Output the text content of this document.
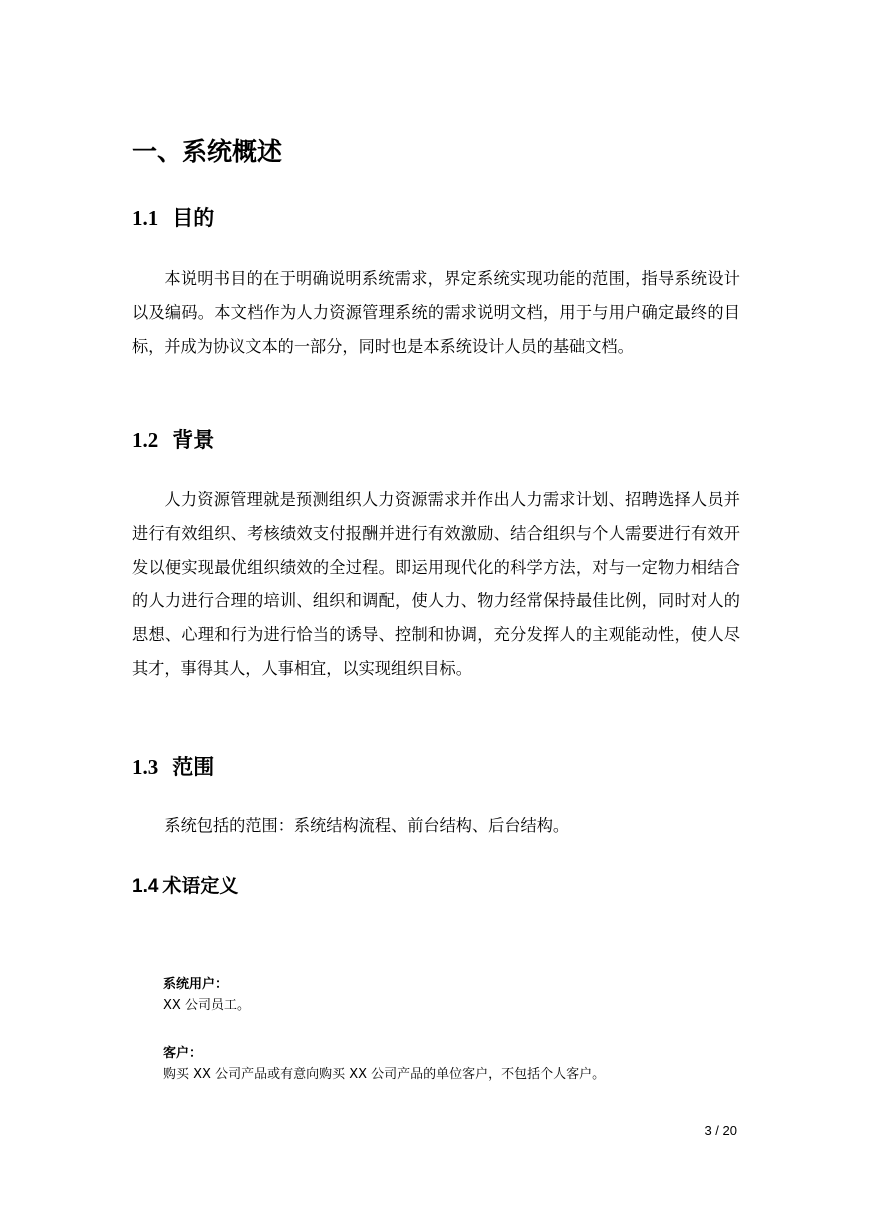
一、系统概述
1.1 目的

本说明书目的在于明确说明系统需求，界定系统实现功能的范围，指导系统设计以及编码。本文档作为人力资源管理系统的需求说明文档，用于与用户确定最终的目标，并成为协议文本的一部分，同时也是本系统设计人员的基础文档。

1.2 背景

人力资源管理就是预测组织人力资源需求并作出人力需求计划、招聘选择人员并进行有效组织、考核绩效支付报酬并进行有效激励、结合组织与个人需要进行有效开发以便实现最优组织绩效的全过程。即运用现代化的科学方法，对与一定物力相结合的人力进行合理的培训、组织和调配，使人力、物力经常保持最佳比例，同时对人的思想、心理和行为进行恰当的诱导、控制和协调，充分发挥人的主观能动性，使人尽其才，事得其人，人事相宜，以实现组织目标。

1.3 范围

系统包括的范围：系统结构流程、前台结构、后台结构。

1.4 术语定义
系统用户：
XX 公司员工。
客户：
购买 XX 公司产品或有意向购买 XX 公司产品的单位客户，不包括个人客户。
3 / 20
